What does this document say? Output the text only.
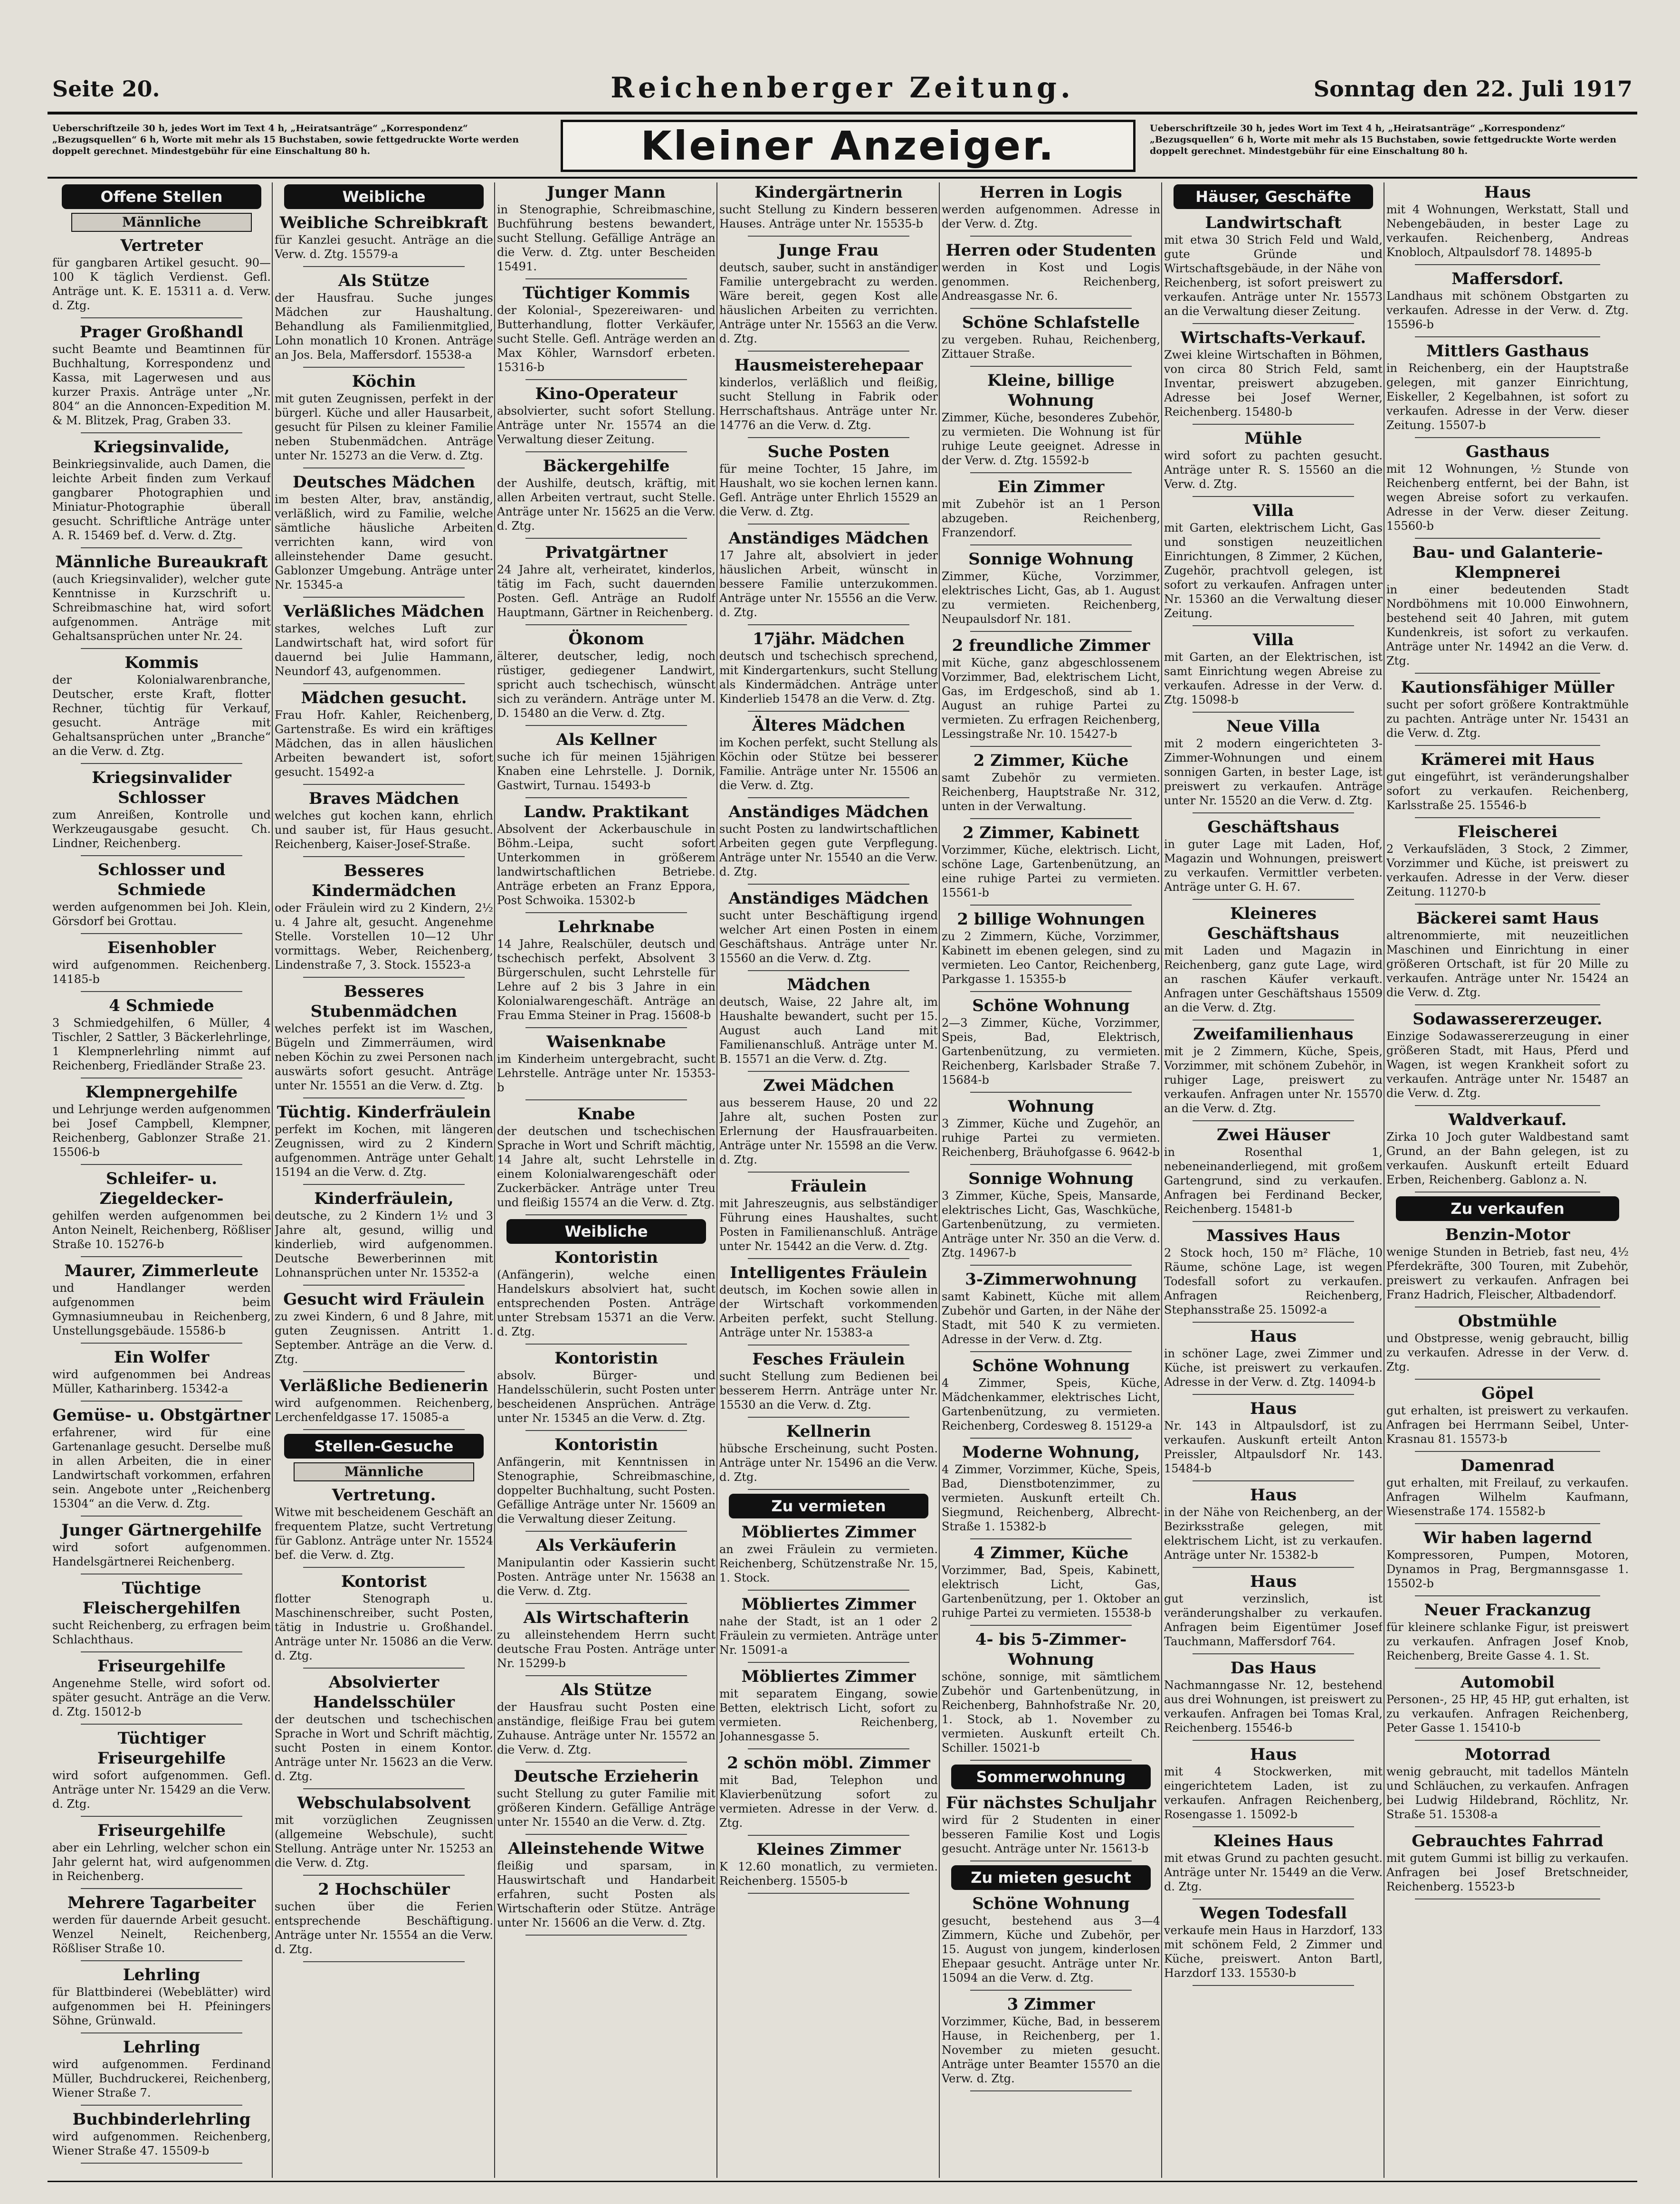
Seite 20.	Reichenberger Zeitung.	Sonntag den 22. Juli 1917
Ueberschriftzeile 30 h, jedes Wort im Text 4 h, „Heiratsanträge“ „Korrespondenz“ „Bezugsquellen“ 6 h, Worte mit mehr als 15 Buchstaben, sowie fettgedruckte Worte werden doppelt gerechnet. Mindestgebühr für eine Einschaltung 80 h.	Kleiner Anzeiger.	Ueberschriftzeile 30 h, jedes Wort im Text 4 h, „Heiratsanträge“ „Korrespondenz“ „Bezugsquellen“ 6 h, Worte mit mehr als 15 Buchstaben, sowie fettgedruckte Worte werden doppelt gerechnet. Mindestgebühr für eine Einschaltung 80 h.
Offene Stellen
Männliche
Vertreter
für gangbaren Artikel gesucht. 90—100 K täglich Verdienst. Gefl. Anträge unt. K. E. 15311 a. d. Verw. d. Ztg.
Prager Großhandl
sucht Beamte und Beamtinnen für Buchhaltung, Korrespondenz und Kassa, mit Lagerwesen und aus kurzer Praxis. Anträge unter „Nr. 804“ an die Annoncen-Expedition M. & M. Blitzek, Prag, Graben 33.
Kriegsinvalide,
Beinkriegsinvalide, auch Damen, die leichte Arbeit finden zum Verkauf gangbarer Photographien und Miniatur-Photographie überall gesucht. Schriftliche Anträge unter A. R. 15469 bef. d. Verw. d. Ztg.
Männliche Bureaukraft
(auch Kriegsinvalider), welcher gute Kenntnisse in Kurzschrift u. Schreibmaschine hat, wird sofort aufgenommen. Anträge mit Gehaltsansprüchen unter Nr. 24.
Kommis
der Kolonialwarenbranche, Deutscher, erste Kraft, flotter Rechner, tüchtig für Verkauf, gesucht. Anträge mit Gehaltsansprüchen unter „Branche“ an die Verw. d. Ztg.
Kriegsinvalider Schlosser
zum Anreißen, Kontrolle und Werkzeugausgabe gesucht. Ch. Lindner, Reichenberg.
Schlosser und Schmiede
werden aufgenommen bei Joh. Klein, Görsdorf bei Grottau.
Eisenhobler
wird aufgenommen. Reichenberg. 14185-b
4 Schmiede
3 Schmiedgehilfen, 6 Müller, 4 Tischler, 2 Sattler, 3 Bäckerlehrlinge, 1 Klempnerlehrling nimmt auf Reichenberg, Friedländer Straße 23.
Klempnergehilfe
und Lehrjunge werden aufgenommen bei Josef Campbell, Klempner, Reichenberg, Gablonzer Straße 21. 15506-b
Schleifer- u. Ziegeldecker-
gehilfen werden aufgenommen bei Anton Neinelt, Reichenberg, Rößliser Straße 10. 15276-b
Maurer, Zimmerleute
und Handlanger werden aufgenommen beim Gymnasiumneubau in Reichenberg, Unstellungsgebäude. 15586-b
Ein Wolfer
wird aufgenommen bei Andreas Müller, Katharinberg. 15342-a
Gemüse- u. Obstgärtner
erfahrener, wird für eine Gartenanlage gesucht. Derselbe muß in allen Arbeiten, die in einer Landwirtschaft vorkommen, erfahren sein. Angebote unter „Reichenberg 15304“ an die Verw. d. Ztg.
Junger Gärtnergehilfe
wird sofort aufgenommen. Handelsgärtnerei Reichenberg.
Tüchtige Fleischergehilfen
sucht Reichenberg, zu erfragen beim Schlachthaus.
Friseurgehilfe
Angenehme Stelle, wird sofort od. später gesucht. Anträge an die Verw. d. Ztg. 15012-b
Tüchtiger Friseurgehilfe
wird sofort aufgenommen. Gefl. Anträge unter Nr. 15429 an die Verw. d. Ztg.
Friseurgehilfe
aber ein Lehrling, welcher schon ein Jahr gelernt hat, wird aufgenommen in Reichenberg.
Mehrere Tagarbeiter
werden für dauernde Arbeit gesucht. Wenzel Neinelt, Reichenberg, Rößliser Straße 10.
Lehrling
für Blattbinderei (Webeblätter) wird aufgenommen bei H. Pfeiningers Söhne, Grünwald.
Lehrling
wird aufgenommen. Ferdinand Müller, Buchdruckerei, Reichenberg, Wiener Straße 7.
Buchbinderlehrling
wird aufgenommen. Reichenberg, Wiener Straße 47. 15509-b
Weibliche
Weibliche Schreibkraft
für Kanzlei gesucht. Anträge an die Verw. d. Ztg. 15579-a
Als Stütze
der Hausfrau. Suche junges Mädchen zur Haushaltung. Behandlung als Familienmitglied, Lohn monatlich 10 Kronen. Anträge an Jos. Bela, Maffersdorf. 15538-a
Köchin
mit guten Zeugnissen, perfekt in der bürgerl. Küche und aller Hausarbeit, gesucht für Pilsen zu kleiner Familie neben Stubenmädchen. Anträge unter Nr. 15273 an die Verw. d. Ztg.
Deutsches Mädchen
im besten Alter, brav, anständig, verläßlich, wird zu Familie, welche sämtliche häusliche Arbeiten verrichten kann, wird von alleinstehender Dame gesucht. Gablonzer Umgebung. Anträge unter Nr. 15345-a
Verläßliches Mädchen
starkes, welches Luft zur Landwirtschaft hat, wird sofort für dauernd bei Julie Hammann, Neundorf 43, aufgenommen.
Mädchen gesucht.
Frau Hofr. Kahler, Reichenberg, Gartenstraße. Es wird ein kräftiges Mädchen, das in allen häuslichen Arbeiten bewandert ist, sofort gesucht. 15492-a
Braves Mädchen
welches gut kochen kann, ehrlich und sauber ist, für Haus gesucht. Reichenberg, Kaiser-Josef-Straße.
Besseres Kindermädchen
oder Fräulein wird zu 2 Kindern, 2½ u. 4 Jahre alt, gesucht. Angenehme Stelle. Vorstellen 10—12 Uhr vormittags. Weber, Reichenberg, Lindenstraße 7, 3. Stock. 15523-a
Besseres Stubenmädchen
welches perfekt ist im Waschen, Bügeln und Zimmerräumen, wird neben Köchin zu zwei Personen nach auswärts sofort gesucht. Anträge unter Nr. 15551 an die Verw. d. Ztg.
Tüchtig. Kinderfräulein
perfekt im Kochen, mit längeren Zeugnissen, wird zu 2 Kindern aufgenommen. Anträge unter Gehalt 15194 an die Verw. d. Ztg.
Kinderfräulein,
deutsche, zu 2 Kindern 1½ und 3 Jahre alt, gesund, willig und kinderlieb, wird aufgenommen. Deutsche Bewerberinnen mit Lohnansprüchen unter Nr. 15352-a
Gesucht wird Fräulein
zu zwei Kindern, 6 und 8 Jahre, mit guten Zeugnissen. Antritt 1. September. Anträge an die Verw. d. Ztg.
Verläßliche Bedienerin
wird aufgenommen. Reichenberg, Lerchenfeldgasse 17. 15085-a
Stellen-Gesuche
Männliche
Vertretung.
Witwe mit bescheidenem Geschäft an frequentem Platze, sucht Vertretung für Gablonz. Anträge unter Nr. 15524 bef. die Verw. d. Ztg.
Kontorist
flotter Stenograph u. Maschinenschreiber, sucht Posten, tätig in Industrie u. Großhandel. Anträge unter Nr. 15086 an die Verw. d. Ztg.
Absolvierter Handelsschüler
der deutschen und tschechischen Sprache in Wort und Schrift mächtig, sucht Posten in einem Kontor. Anträge unter Nr. 15623 an die Verw. d. Ztg.
Webschulabsolvent
mit vorzüglichen Zeugnissen (allgemeine Webschule), sucht Stellung. Anträge unter Nr. 15253 an die Verw. d. Ztg.
2 Hochschüler
suchen über die Ferien entsprechende Beschäftigung. Anträge unter Nr. 15554 an die Verw. d. Ztg.
Junger Mann
in Stenographie, Schreibmaschine, Buchführung bestens bewandert, sucht Stellung. Gefällige Anträge an die Verw. d. Ztg. unter Bescheiden 15491.
Tüchtiger Kommis
der Kolonial-, Spezereiwaren- und Butterhandlung, flotter Verkäufer, sucht Stelle. Gefl. Anträge werden an Max Köhler, Warnsdorf erbeten. 15316-b
Kino-Operateur
absolvierter, sucht sofort Stellung. Anträge unter Nr. 15574 an die Verwaltung dieser Zeitung.
Bäckergehilfe
der Aushilfe, deutsch, kräftig, mit allen Arbeiten vertraut, sucht Stelle. Anträge unter Nr. 15625 an die Verw. d. Ztg.
Privatgärtner
24 Jahre alt, verheiratet, kinderlos, tätig im Fach, sucht dauernden Posten. Gefl. Anträge an Rudolf Hauptmann, Gärtner in Reichenberg.
Ökonom
älterer, deutscher, ledig, noch rüstiger, gediegener Landwirt, spricht auch tschechisch, wünscht sich zu verändern. Anträge unter M. D. 15480 an die Verw. d. Ztg.
Als Kellner
suche ich für meinen 15jährigen Knaben eine Lehrstelle. J. Dornik, Gastwirt, Turnau. 15493-b
Landw. Praktikant
Absolvent der Ackerbauschule in Böhm.-Leipa, sucht sofort Unterkommen in größerem landwirtschaftlichen Betriebe. Anträge erbeten an Franz Eppora, Post Schwoika. 15302-b
Lehrknabe
14 Jahre, Realschüler, deutsch und tschechisch perfekt, Absolvent 3 Bürgerschulen, sucht Lehrstelle für Lehre auf 2 bis 3 Jahre in ein Kolonialwarengeschäft. Anträge an Frau Emma Steiner in Prag. 15608-b
Waisenknabe
im Kinderheim untergebracht, sucht Lehrstelle. Anträge unter Nr. 15353-b
Knabe
der deutschen und tschechischen Sprache in Wort und Schrift mächtig, 14 Jahre alt, sucht Lehrstelle in einem Kolonialwarengeschäft oder Zuckerbäcker. Anträge unter Treu und fleißig 15574 an die Verw. d. Ztg.
Weibliche
Kontoristin
(Anfängerin), welche einen Handelskurs absolviert hat, sucht entsprechenden Posten. Anträge unter Strebsam 15371 an die Verw. d. Ztg.
Kontoristin
absolv. Bürger- und Handelsschülerin, sucht Posten unter bescheidenen Ansprüchen. Anträge unter Nr. 15345 an die Verw. d. Ztg.
Kontoristin
Anfängerin, mit Kenntnissen in Stenographie, Schreibmaschine, doppelter Buchhaltung, sucht Posten. Gefällige Anträge unter Nr. 15609 an die Verwaltung dieser Zeitung.
Als Verkäuferin
Manipulantin oder Kassierin sucht Posten. Anträge unter Nr. 15638 an die Verw. d. Ztg.
Als Wirtschafterin
zu alleinstehendem Herrn sucht deutsche Frau Posten. Anträge unter Nr. 15299-b
Als Stütze
der Hausfrau sucht Posten eine anständige, fleißige Frau bei gutem Zuhause. Anträge unter Nr. 15572 an die Verw. d. Ztg.
Deutsche Erzieherin
sucht Stellung zu guter Familie mit größeren Kindern. Gefällige Anträge unter Nr. 15540 an die Verw. d. Ztg.
Alleinstehende Witwe
fleißig und sparsam, in Hauswirtschaft und Handarbeit erfahren, sucht Posten als Wirtschafterin oder Stütze. Anträge unter Nr. 15606 an die Verw. d. Ztg.
Kindergärtnerin
sucht Stellung zu Kindern besseren Hauses. Anträge unter Nr. 15535-b
Junge Frau
deutsch, sauber, sucht in anständiger Familie untergebracht zu werden. Wäre bereit, gegen Kost alle häuslichen Arbeiten zu verrichten. Anträge unter Nr. 15563 an die Verw. d. Ztg.
Hausmeisterehepaar
kinderlos, verläßlich und fleißig, sucht Stellung in Fabrik oder Herrschaftshaus. Anträge unter Nr. 14776 an die Verw. d. Ztg.
Suche Posten
für meine Tochter, 15 Jahre, im Haushalt, wo sie kochen lernen kann. Gefl. Anträge unter Ehrlich 15529 an die Verw. d. Ztg.
Anständiges Mädchen
17 Jahre alt, absolviert in jeder häuslichen Arbeit, wünscht in bessere Familie unterzukommen. Anträge unter Nr. 15556 an die Verw. d. Ztg.
17jähr. Mädchen
deutsch und tschechisch sprechend, mit Kindergartenkurs, sucht Stellung als Kindermädchen. Anträge unter Kinderlieb 15478 an die Verw. d. Ztg.
Älteres Mädchen
im Kochen perfekt, sucht Stellung als Köchin oder Stütze bei besserer Familie. Anträge unter Nr. 15506 an die Verw. d. Ztg.
Anständiges Mädchen
sucht Posten zu landwirtschaftlichen Arbeiten gegen gute Verpflegung. Anträge unter Nr. 15540 an die Verw. d. Ztg.
Anständiges Mädchen
sucht unter Beschäftigung irgend welcher Art einen Posten in einem Geschäftshaus. Anträge unter Nr. 15560 an die Verw. d. Ztg.
Mädchen
deutsch, Waise, 22 Jahre alt, im Haushalte bewandert, sucht per 15. August auch Land mit Familienanschluß. Anträge unter M. B. 15571 an die Verw. d. Ztg.
Zwei Mädchen
aus besserem Hause, 20 und 22 Jahre alt, suchen Posten zur Erlernung der Hausfrauarbeiten. Anträge unter Nr. 15598 an die Verw. d. Ztg.
Fräulein
mit Jahreszeugnis, aus selbständiger Führung eines Haushaltes, sucht Posten in Familienanschluß. Anträge unter Nr. 15442 an die Verw. d. Ztg.
Intelligentes Fräulein
deutsch, im Kochen sowie allen in der Wirtschaft vorkommenden Arbeiten perfekt, sucht Stellung. Anträge unter Nr. 15383-a
Fesches Fräulein
sucht Stellung zum Bedienen bei besserem Herrn. Anträge unter Nr. 15530 an die Verw. d. Ztg.
Kellnerin
hübsche Erscheinung, sucht Posten. Anträge unter Nr. 15496 an die Verw. d. Ztg.
Zu vermieten
Möbliertes Zimmer
an zwei Fräulein zu vermieten. Reichenberg, Schützenstraße Nr. 15, 1. Stock.
Möbliertes Zimmer
nahe der Stadt, ist an 1 oder 2 Fräulein zu vermieten. Anträge unter Nr. 15091-a
Möbliertes Zimmer
mit separatem Eingang, sowie Betten, elektrisch Licht, sofort zu vermieten. Reichenberg, Johannesgasse 5.
2 schön möbl. Zimmer
mit Bad, Telephon und Klavierbenützung sofort zu vermieten. Adresse in der Verw. d. Ztg.
Kleines Zimmer
K 12.60 monatlich, zu vermieten. Reichenberg. 15505-b
Herren in Logis
werden aufgenommen. Adresse in der Verw. d. Ztg.
Herren oder Studenten
werden in Kost und Logis genommen. Reichenberg, Andreasgasse Nr. 6.
Schöne Schlafstelle
zu vergeben. Ruhau, Reichenberg, Zittauer Straße.
Kleine, billige Wohnung
Zimmer, Küche, besonderes Zubehör, zu vermieten. Die Wohnung ist für ruhige Leute geeignet. Adresse in der Verw. d. Ztg. 15592-b
Ein Zimmer
mit Zubehör ist an 1 Person abzugeben. Reichenberg, Franzendorf.
Sonnige Wohnung
Zimmer, Küche, Vorzimmer, elektrisches Licht, Gas, ab 1. August zu vermieten. Reichenberg, Neupaulsdorf Nr. 181.
2 freundliche Zimmer
mit Küche, ganz abgeschlossenem Vorzimmer, Bad, elektrischem Licht, Gas, im Erdgeschoß, sind ab 1. August an ruhige Partei zu vermieten. Zu erfragen Reichenberg, Lessingstraße Nr. 10. 15427-b
2 Zimmer, Küche
samt Zubehör zu vermieten. Reichenberg, Hauptstraße Nr. 312, unten in der Verwaltung.
2 Zimmer, Kabinett
Vorzimmer, Küche, elektrisch. Licht, schöne Lage, Gartenbenützung, an eine ruhige Partei zu vermieten. 15561-b
2 billige Wohnungen
zu 2 Zimmern, Küche, Vorzimmer, Kabinett im ebenen gelegen, sind zu vermieten. Leo Cantor, Reichenberg, Parkgasse 1. 15355-b
Schöne Wohnung
2—3 Zimmer, Küche, Vorzimmer, Speis, Bad, Elektrisch, Gartenbenützung, zu vermieten. Reichenberg, Karlsbader Straße 7. 15684-b
Wohnung
3 Zimmer, Küche und Zugehör, an ruhige Partei zu vermieten. Reichenberg, Bräuhofgasse 6. 9642-b
Sonnige Wohnung
3 Zimmer, Küche, Speis, Mansarde, elektrisches Licht, Gas, Waschküche, Gartenbenützung, zu vermieten. Anträge unter Nr. 350 an die Verw. d. Ztg. 14967-b
3-Zimmerwohnung
samt Kabinett, Küche mit allem Zubehör und Garten, in der Nähe der Stadt, mit 540 K zu vermieten. Adresse in der Verw. d. Ztg.
Schöne Wohnung
4 Zimmer, Speis, Küche, Mädchenkammer, elektrisches Licht, Gartenbenützung, zu vermieten. Reichenberg, Cordesweg 8. 15129-a
Moderne Wohnung,
4 Zimmer, Vorzimmer, Küche, Speis, Bad, Dienstbotenzimmer, zu vermieten. Auskunft erteilt Ch. Siegmund, Reichenberg, Albrecht-Straße 1. 15382-b
4 Zimmer, Küche
Vorzimmer, Bad, Speis, Kabinett, elektrisch Licht, Gas, Gartenbenützung, per 1. Oktober an ruhige Partei zu vermieten. 15538-b
4- bis 5-Zimmer-Wohnung
schöne, sonnige, mit sämtlichem Zubehör und Gartenbenützung, in Reichenberg, Bahnhofstraße Nr. 20, 1. Stock, ab 1. November zu vermieten. Auskunft erteilt Ch. Schiller. 15021-b
Sommerwohnung
Für nächstes Schuljahr
wird für 2 Studenten in einer besseren Familie Kost und Logis gesucht. Anträge unter Nr. 15613-b
Zu mieten gesucht
Schöne Wohnung
gesucht, bestehend aus 3—4 Zimmern, Küche und Zubehör, per 15. August von jungem, kinderlosen Ehepaar gesucht. Anträge unter Nr. 15094 an die Verw. d. Ztg.
3 Zimmer
Vorzimmer, Küche, Bad, in besserem Hause, in Reichenberg, per 1. November zu mieten gesucht. Anträge unter Beamter 15570 an die Verw. d. Ztg.
Häuser, Geschäfte
Landwirtschaft
mit etwa 30 Strich Feld und Wald, gute Gründe und Wirtschaftsgebäude, in der Nähe von Reichenberg, ist sofort preiswert zu verkaufen. Anträge unter Nr. 15573 an die Verwaltung dieser Zeitung.
Wirtschafts-Verkauf.
Zwei kleine Wirtschaften in Böhmen, von circa 80 Strich Feld, samt Inventar, preiswert abzugeben. Adresse bei Josef Werner, Reichenberg. 15480-b
Mühle
wird sofort zu pachten gesucht. Anträge unter R. S. 15560 an die Verw. d. Ztg.
Villa
mit Garten, elektrischem Licht, Gas und sonstigen neuzeitlichen Einrichtungen, 8 Zimmer, 2 Küchen, Zugehör, prachtvoll gelegen, ist sofort zu verkaufen. Anfragen unter Nr. 15360 an die Verwaltung dieser Zeitung.
Villa
mit Garten, an der Elektrischen, ist samt Einrichtung wegen Abreise zu verkaufen. Adresse in der Verw. d. Ztg. 15098-b
Neue Villa
mit 2 modern eingerichteten 3-Zimmer-Wohnungen und einem sonnigen Garten, in bester Lage, ist preiswert zu verkaufen. Anträge unter Nr. 15520 an die Verw. d. Ztg.
Geschäftshaus
in guter Lage mit Laden, Hof, Magazin und Wohnungen, preiswert zu verkaufen. Vermittler verbeten. Anträge unter G. H. 67.
Kleineres Geschäftshaus
mit Laden und Magazin in Reichenberg, ganz gute Lage, wird an raschen Käufer verkauft. Anfragen unter Geschäftshaus 15509 an die Verw. d. Ztg.
Zweifamilienhaus
mit je 2 Zimmern, Küche, Speis, Vorzimmer, mit schönem Zubehör, in ruhiger Lage, preiswert zu verkaufen. Anfragen unter Nr. 15570 an die Verw. d. Ztg.
Zwei Häuser
in Rosenthal 1, nebeneinanderliegend, mit großem Gartengrund, sind zu verkaufen. Anfragen bei Ferdinand Becker, Reichenberg. 15481-b
Massives Haus
2 Stock hoch, 150 m² Fläche, 10 Räume, schöne Lage, ist wegen Todesfall sofort zu verkaufen. Anfragen Reichenberg, Stephansstraße 25. 15092-a
Haus
in schöner Lage, zwei Zimmer und Küche, ist preiswert zu verkaufen. Adresse in der Verw. d. Ztg. 14094-b
Haus
Nr. 143 in Altpaulsdorf, ist zu verkaufen. Auskunft erteilt Anton Preissler, Altpaulsdorf Nr. 143. 15484-b
Haus
in der Nähe von Reichenberg, an der Bezirksstraße gelegen, mit elektrischem Licht, ist zu verkaufen. Anträge unter Nr. 15382-b
Haus
gut verzinslich, ist veränderungshalber zu verkaufen. Anfragen beim Eigentümer Josef Tauchmann, Maffersdorf 764.
Das Haus
Nachmanngasse Nr. 12, bestehend aus drei Wohnungen, ist preiswert zu verkaufen. Anfragen bei Tomas Kral, Reichenberg. 15546-b
Haus
mit 4 Stockwerken, mit eingerichtetem Laden, ist zu verkaufen. Anfragen Reichenberg, Rosengasse 1. 15092-b
Kleines Haus
mit etwas Grund zu pachten gesucht. Anträge unter Nr. 15449 an die Verw. d. Ztg.
Wegen Todesfall
verkaufe mein Haus in Harzdorf, 133 mit schönem Feld, 2 Zimmer und Küche, preiswert. Anton Bartl, Harzdorf 133. 15530-b
Haus
mit 4 Wohnungen, Werkstatt, Stall und Nebengebäuden, in bester Lage zu verkaufen. Reichenberg, Andreas Knobloch, Altpaulsdorf 78. 14895-b
Maffersdorf.
Landhaus mit schönem Obstgarten zu verkaufen. Adresse in der Verw. d. Ztg. 15596-b
Mittlers Gasthaus
in Reichenberg, ein der Hauptstraße gelegen, mit ganzer Einrichtung, Eiskeller, 2 Kegelbahnen, ist sofort zu verkaufen. Adresse in der Verw. dieser Zeitung. 15507-b
Gasthaus
mit 12 Wohnungen, ½ Stunde von Reichenberg entfernt, bei der Bahn, ist wegen Abreise sofort zu verkaufen. Adresse in der Verw. dieser Zeitung. 15560-b
Bau- und Galanterie-Klempnerei
in einer bedeutenden Stadt Nordböhmens mit 10.000 Einwohnern, bestehend seit 40 Jahren, mit gutem Kundenkreis, ist sofort zu verkaufen. Anträge unter Nr. 14942 an die Verw. d. Ztg.
Kautionsfähiger Müller
sucht per sofort größere Kontraktmühle zu pachten. Anträge unter Nr. 15431 an die Verw. d. Ztg.
Krämerei mit Haus
gut eingeführt, ist veränderungshalber sofort zu verkaufen. Reichenberg, Karlsstraße 25. 15546-b
Fleischerei
2 Verkaufsläden, 3 Stock, 2 Zimmer, Vorzimmer und Küche, ist preiswert zu verkaufen. Adresse in der Verw. dieser Zeitung. 11270-b
Bäckerei samt Haus
altrenommierte, mit neuzeitlichen Maschinen und Einrichtung in einer größeren Ortschaft, ist für 20 Mille zu verkaufen. Anträge unter Nr. 15424 an die Verw. d. Ztg.
Sodawassererzeuger.
Einzige Sodawassererzeugung in einer größeren Stadt, mit Haus, Pferd und Wagen, ist wegen Krankheit sofort zu verkaufen. Anträge unter Nr. 15487 an die Verw. d. Ztg.
Waldverkauf.
Zirka 10 Joch guter Waldbestand samt Grund, an der Bahn gelegen, ist zu verkaufen. Auskunft erteilt Eduard Erben, Reichenberg. Gablonz a. N.
Zu verkaufen
Benzin-Motor
wenige Stunden in Betrieb, fast neu, 4½ Pferdekräfte, 300 Touren, mit Zubehör, preiswert zu verkaufen. Anfragen bei Franz Hadrich, Fleischer, Altbadendorf.
Obstmühle
und Obstpresse, wenig gebraucht, billig zu verkaufen. Adresse in der Verw. d. Ztg.
Göpel
gut erhalten, ist preiswert zu verkaufen. Anfragen bei Herrmann Seibel, Unter-Krasnau 81. 15573-b
Damenrad
gut erhalten, mit Freilauf, zu verkaufen. Anfragen Wilhelm Kaufmann, Wiesenstraße 174. 15582-b
Wir haben lagernd
Kompressoren, Pumpen, Motoren, Dynamos in Prag, Bergmannsgasse 1. 15502-b
Neuer Frackanzug
für kleinere schlanke Figur, ist preiswert zu verkaufen. Anfragen Josef Knob, Reichenberg, Breite Gasse 4. 1. St.
Automobil
Personen-, 25 HP, 45 HP, gut erhalten, ist zu verkaufen. Anfragen Reichenberg, Peter Gasse 1. 15410-b
Motorrad
wenig gebraucht, mit tadellos Mänteln und Schläuchen, zu verkaufen. Anfragen bei Ludwig Hildebrand, Röchlitz, Nr. Straße 51. 15308-a
Gebrauchtes Fahrrad
mit gutem Gummi ist billig zu verkaufen. Anfragen bei Josef Bretschneider, Reichenberg. 15523-b
